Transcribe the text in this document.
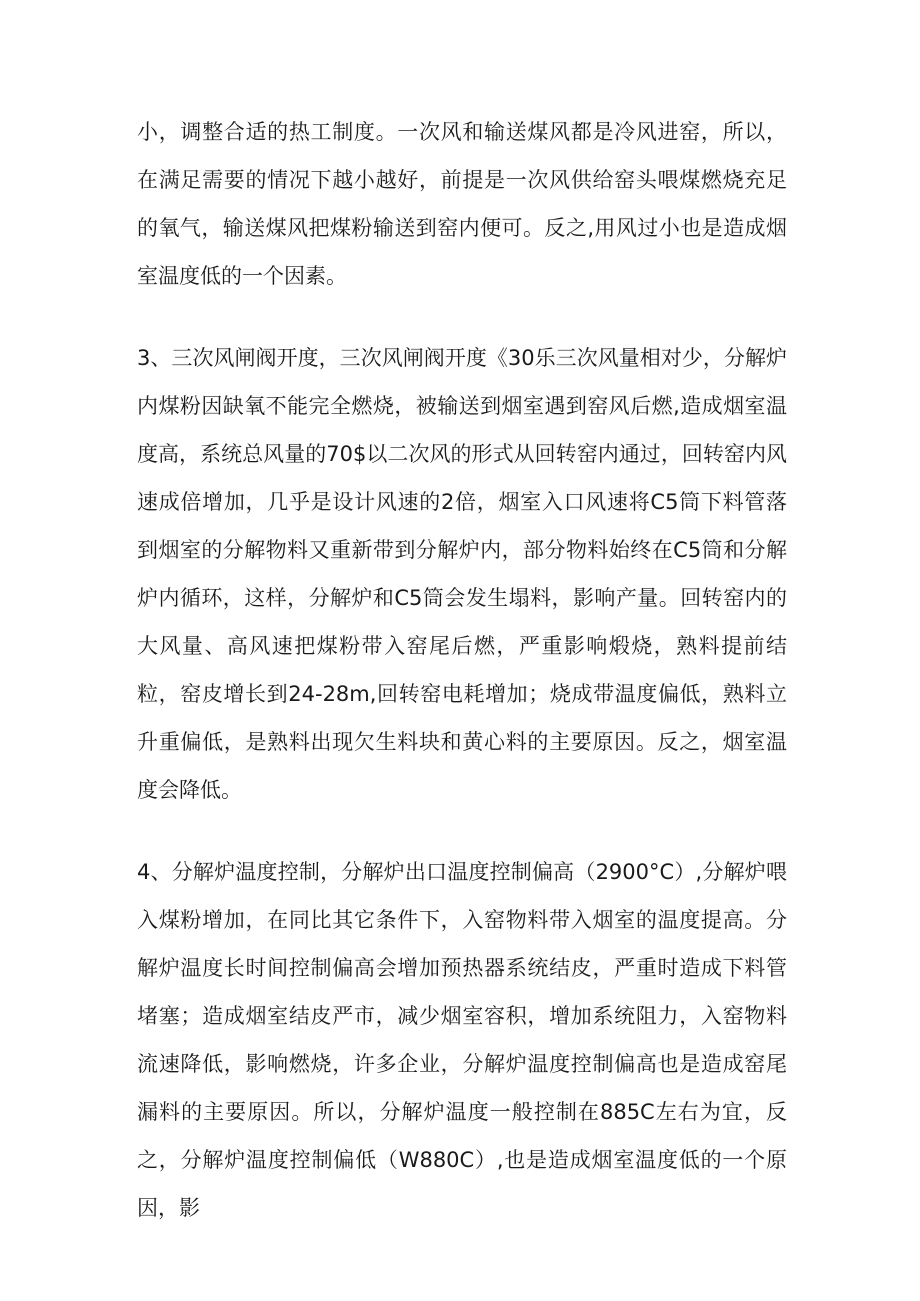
小，调整合适的热工制度。一次风和输送煤风都是冷风进窑，所以，在满足需要的情况下越小越好，前提是一次风供给窑头喂煤燃烧充足的氧气，输送煤风把煤粉输送到窑内便可。反之,用风过小也是造成烟室温度低的一个因素。

3、三次风闸阀开度，三次风闸阀开度《30乐三次风量相对少，分解炉内煤粉因缺氧不能完全燃烧，被输送到烟室遇到窑风后燃,造成烟室温度高，系统总风量的70$以二次风的形式从回转窑内通过，回转窑内风速成倍增加，几乎是设计风速的2倍，烟室入口风速将C5筒下料管落到烟室的分解物料又重新带到分解炉内，部分物料始终在C5筒和分解炉内循环，这样，分解炉和C5筒会发生塌料，影响产量。回转窑内的大风量、高风速把煤粉带入窑尾后燃，严重影响煅烧，熟料提前结粒，窑皮增长到24-28m,回转窑电耗增加；烧成带温度偏低，熟料立升重偏低，是熟料出现欠生料块和黄心料的主要原因。反之，烟室温度会降低。

4、分解炉温度控制，分解炉出口温度控制偏高（2900°C）,分解炉喂入煤粉增加，在同比其它条件下，入窑物料带入烟室的温度提高。分解炉温度长时间控制偏高会增加预热器系统结皮，严重时造成下料管堵塞；造成烟室结皮严市，减少烟室容积，增加系统阻力，入窑物料流速降低，影响燃烧，许多企业，分解炉温度控制偏高也是造成窑尾漏料的主要原因。所以，分解炉温度一般控制在885C左右为宜，反之，分解炉温度控制偏低（W880C）,也是造成烟室温度低的一个原因，影
